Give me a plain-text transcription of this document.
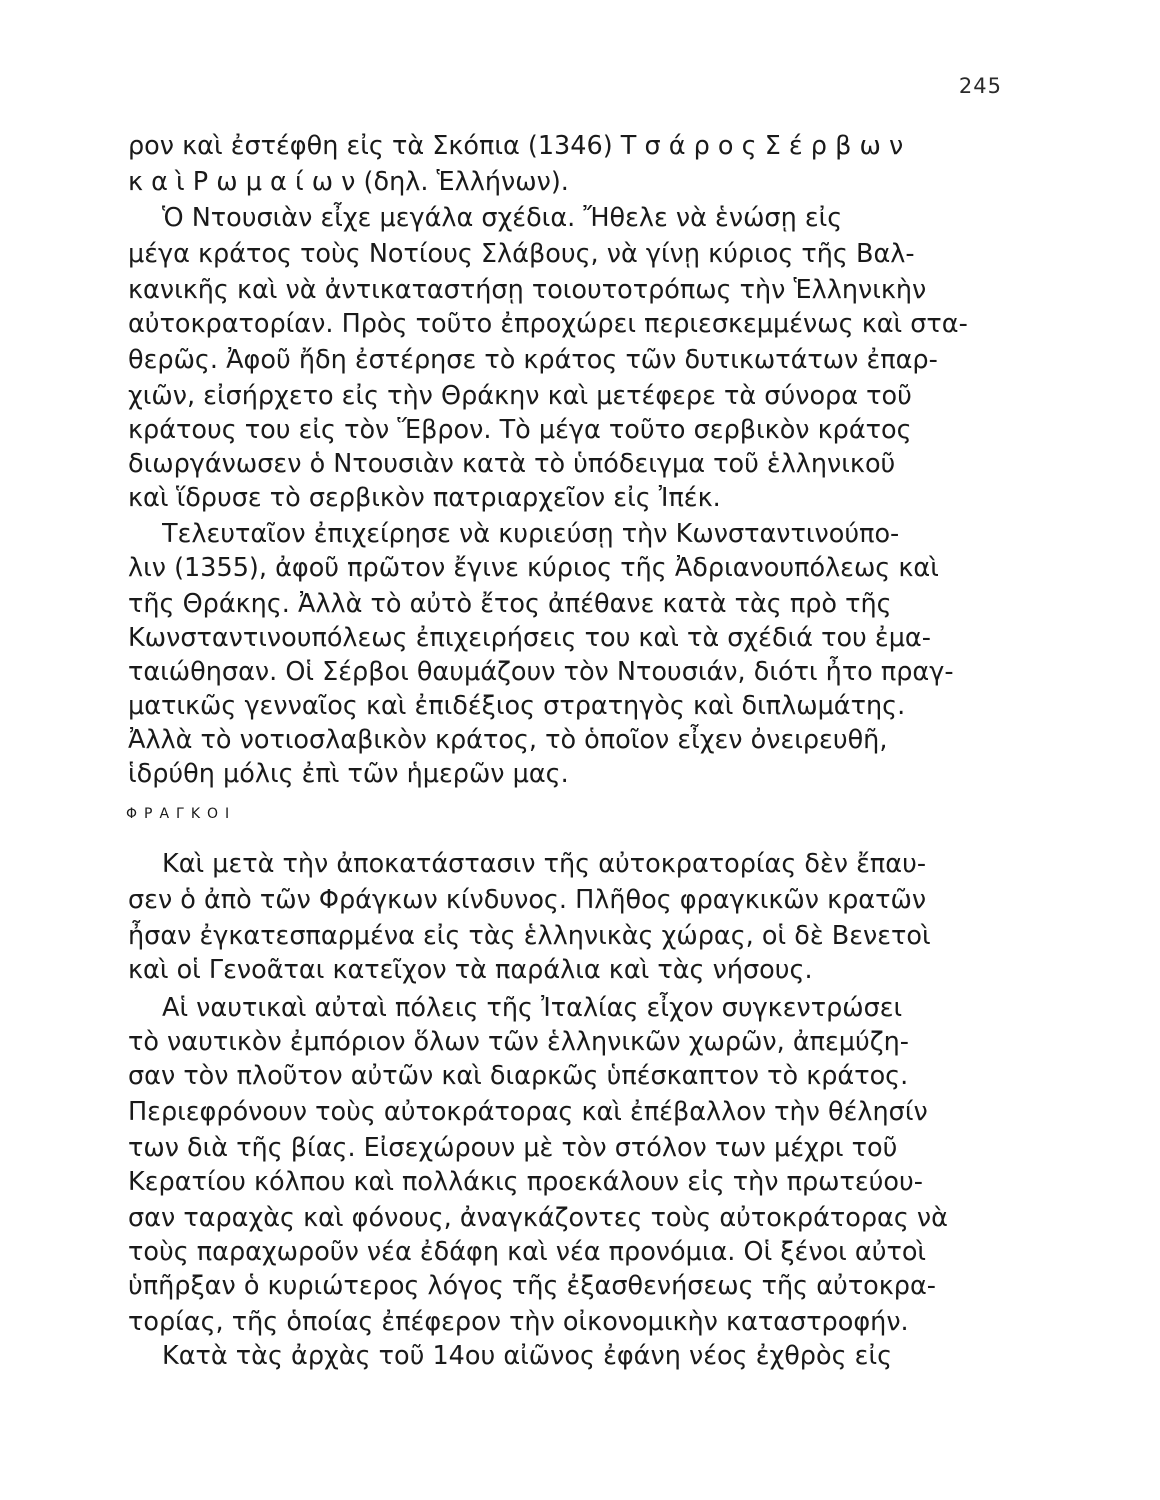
245
ρον καὶ ἐστέφθη εἰς τὰ Σκόπια (1346) Τ σ ά ρ ο ς Σ έ ρ β ω ν
κ α ὶ Ρ ω μ α ί ω ν (δηλ. Ἑλλήνων).
Ὁ Ντουσιὰν εἶχε μεγάλα σχέδια. Ἤθελε νὰ ἑνώσῃ εἰς
μέγα κράτος τοὺς Νοτίους Σλάβους, νὰ γίνῃ κύριος τῆς Βαλ-
κανικῆς καὶ νὰ ἀντικαταστήσῃ τοιουτοτρόπως τὴν Ἑλληνικὴν
αὐτοκρατορίαν. Πρὸς τοῦτο ἐπροχώρει περιεσκεμμένως καὶ στα-
θερῶς. Ἀφοῦ ἤδη ἐστέρησε τὸ κράτος τῶν δυτικωτάτων ἐπαρ-
χιῶν, εἰσήρχετο εἰς τὴν Θράκην καὶ μετέφερε τὰ σύνορα τοῦ
κράτους του εἰς τὸν Ἕβρον. Τὸ μέγα τοῦτο σερβικὸν κράτος
διωργάνωσεν ὁ Ντουσιὰν κατὰ τὸ ὑπόδειγμα τοῦ ἑλληνικοῦ
καὶ ἵδρυσε τὸ σερβικὸν πατριαρχεῖον εἰς Ἰπέκ.
Τελευταῖον ἐπιχείρησε νὰ κυριεύσῃ τὴν Κωνσταντινούπο-
λιν (1355), ἀφοῦ πρῶτον ἔγινε κύριος τῆς Ἀδριανουπόλεως καὶ
τῆς Θράκης. Ἀλλὰ τὸ αὐτὸ ἔτος ἀπέθανε κατὰ τὰς πρὸ τῆς
Κωνσταντινουπόλεως ἐπιχειρήσεις του καὶ τὰ σχέδιά του ἐμα-
ταιώθησαν. Οἱ Σέρβοι θαυμάζουν τὸν Ντουσιάν, διότι ἦτο πραγ-
ματικῶς γενναῖος καὶ ἐπιδέξιος στρατηγὸς καὶ διπλωμάτης.
Ἀλλὰ τὸ νοτιοσλαβικὸν κράτος, τὸ ὁποῖον εἶχεν ὀνειρευθῆ,
ἱδρύθη μόλις ἐπὶ τῶν ἡμερῶν μας.
ΦΡΑΓΚΟΙ
Καὶ μετὰ τὴν ἀποκατάστασιν τῆς αὐτοκρατορίας δὲν ἔπαυ-
σεν ὁ ἀπὸ τῶν Φράγκων κίνδυνος. Πλῆθος φραγκικῶν κρατῶν
ἦσαν ἐγκατεσπαρμένα εἰς τὰς ἑλληνικὰς χώρας, οἱ δὲ Βενετοὶ
καὶ οἱ Γενοᾶται κατεῖχον τὰ παράλια καὶ τὰς νήσους.
Αἱ ναυτικαὶ αὐταὶ πόλεις τῆς Ἰταλίας εἶχον συγκεντρώσει
τὸ ναυτικὸν ἐμπόριον ὅλων τῶν ἑλληνικῶν χωρῶν, ἀπεμύζη-
σαν τὸν πλοῦτον αὐτῶν καὶ διαρκῶς ὑπέσκαπτον τὸ κράτος.
Περιεφρόνουν τοὺς αὐτοκράτορας καὶ ἐπέβαλλον τὴν θέλησίν
των διὰ τῆς βίας. Εἰσεχώρουν μὲ τὸν στόλον των μέχρι τοῦ
Κερατίου κόλπου καὶ πολλάκις προεκάλουν εἰς τὴν πρωτεύου-
σαν ταραχὰς καὶ φόνους, ἀναγκάζοντες τοὺς αὐτοκράτορας νὰ
τοὺς παραχωροῦν νέα ἐδάφη καὶ νέα προνόμια. Οἱ ξένοι αὐτοὶ
ὑπῆρξαν ὁ κυριώτερος λόγος τῆς ἐξασθενήσεως τῆς αὐτοκρα-
τορίας, τῆς ὁποίας ἐπέφερον τὴν οἰκονομικὴν καταστροφήν.
Κατὰ τὰς ἀρχὰς τοῦ 14ου αἰῶνος ἐφάνη νέος ἐχθρὸς εἰς
